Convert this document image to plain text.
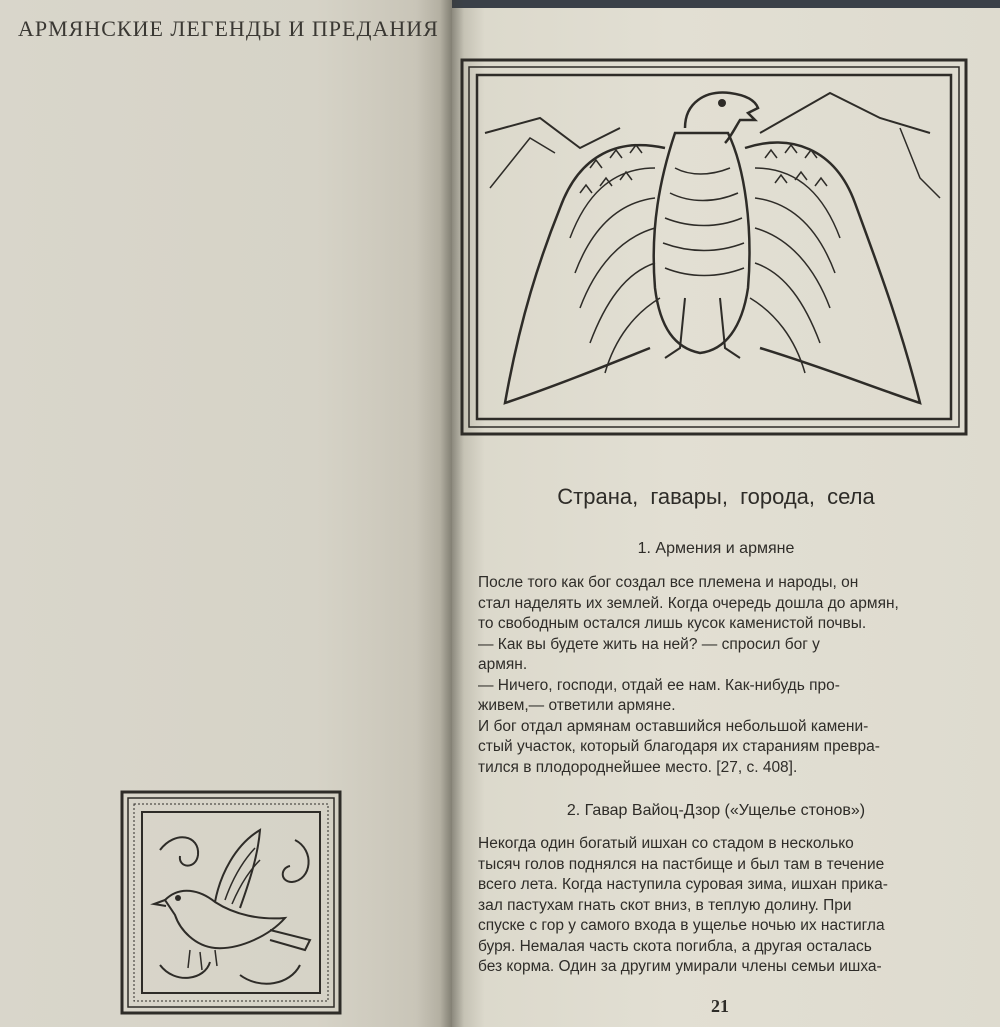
АРМЯНСКИЕ ЛЕГЕНДЫ И ПРЕДАНИЯ
Страна, гавары, города, села
1. Армения и армяне
После того как бог создал все племена и народы, он
стал наделять их землей. Когда очередь дошла до армян,
то свободным остался лишь кусок каменистой почвы.
— Как вы будете жить на ней? — спросил бог у
армян.
— Ничего, господи, отдай ее нам. Как-нибудь про-
живем,— ответили армяне.
И бог отдал армянам оставшийся небольшой камени-
стый участок, который благодаря их стараниям превра-
тился в плодороднейшее место. [27, с. 408].
2. Гавар Вайоц-Дзор («Ущелье стонов»)
Некогда один богатый ишхан со стадом в несколько
тысяч голов поднялся на пастбище и был там в течение
всего лета. Когда наступила суровая зима, ишхан прика-
зал пастухам гнать скот вниз, в теплую долину. При
спуске с гор у самого входа в ущелье ночью их настигла
буря. Немалая часть скота погибла, а другая осталась
без корма. Один за другим умирали члены семьи ишха-
21
